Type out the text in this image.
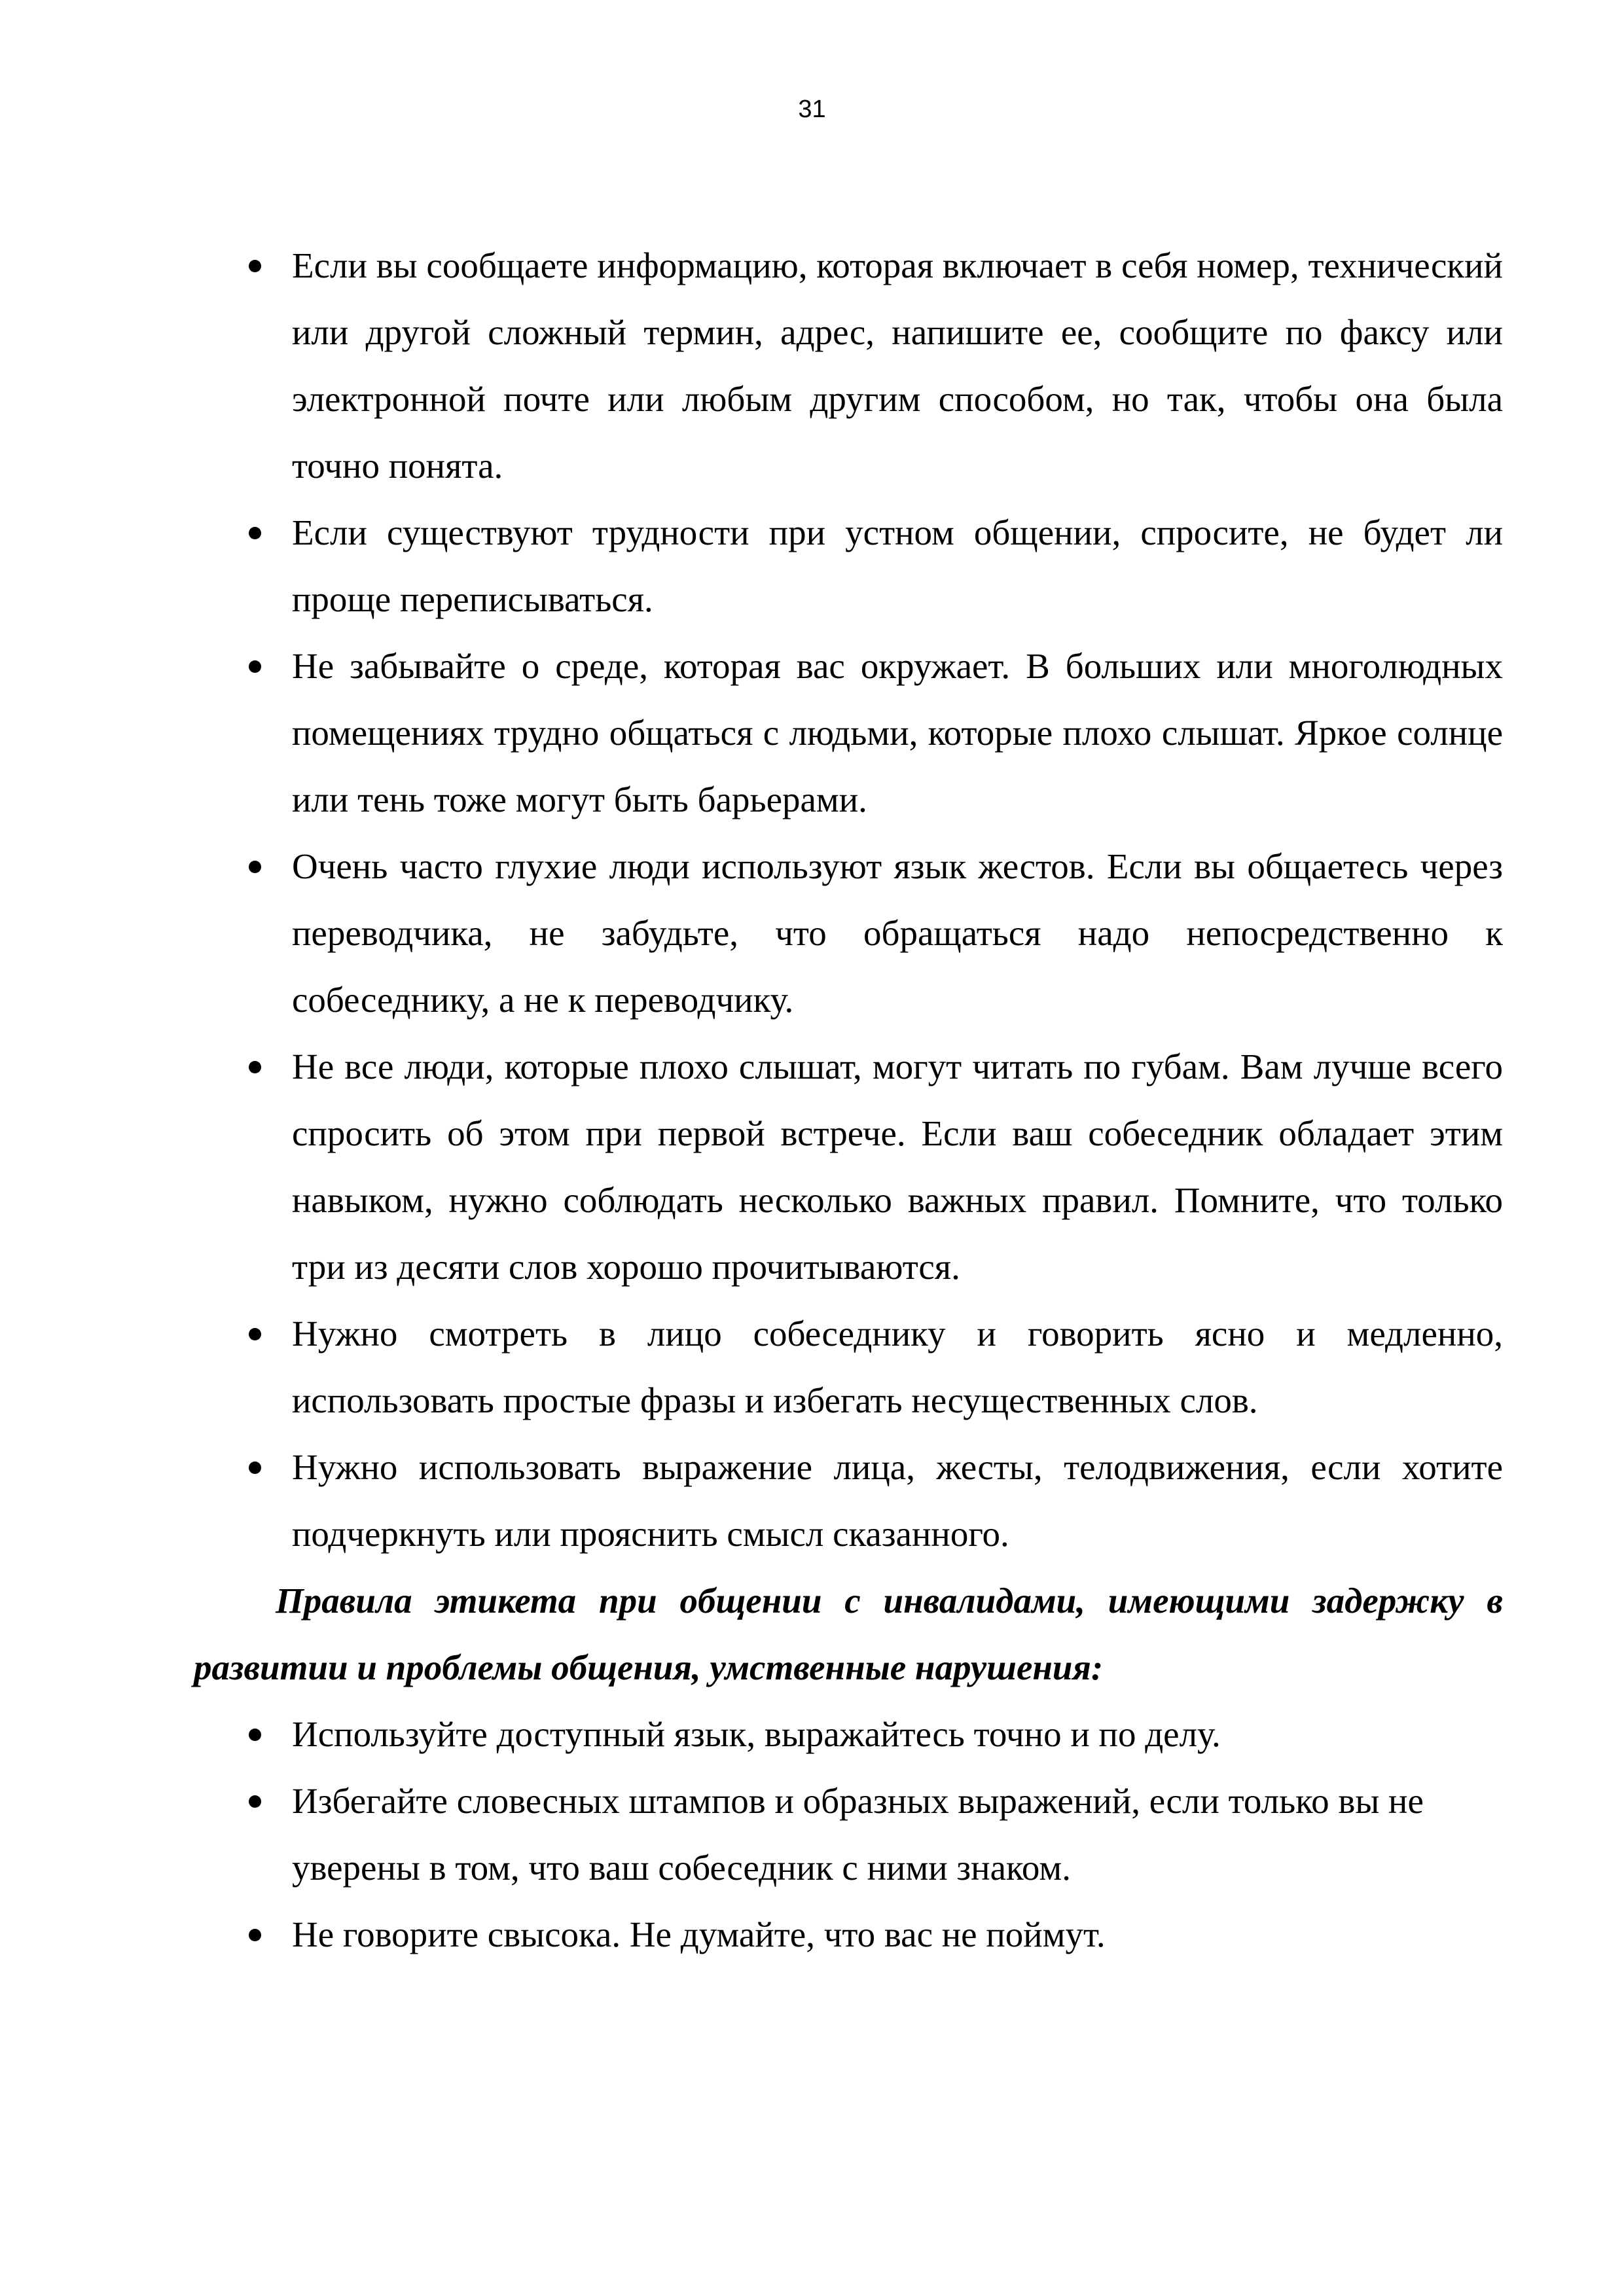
31
Если вы сообщаете информацию, которая включает в себя номер, технический или другой сложный термин, адрес, напишите ее, сообщите по факсу или электронной почте или любым другим способом, но так, чтобы она была точно понята.
Если существуют трудности при устном общении, спросите, не будет ли проще переписываться.
Не забывайте о среде, которая вас окружает. В больших или многолюдных помещениях трудно общаться с людьми, которые плохо слышат. Яркое солнце или тень тоже могут быть барьерами.
Очень часто глухие люди используют язык жестов. Если вы общаетесь через переводчика, не забудьте, что обращаться надо непосредственно к собеседнику, а не к переводчику.
Не все люди, которые плохо слышат, могут читать по губам. Вам лучше всего спросить об этом при первой встрече. Если ваш собеседник обладает этим навыком, нужно соблюдать несколько важных правил. Помните, что только три из десяти слов хорошо прочитываются.
Нужно смотреть в лицо собеседнику и говорить ясно и медленно, использовать простые фразы и избегать несущественных слов.
Нужно использовать выражение лица, жесты, телодвижения, если хотите подчеркнуть или прояснить смысл сказанного.

Правила этикета при общении с инвалидами, имеющими задержку в развитии и проблемы общения, умственные нарушения:

Используйте доступный язык, выражайтесь точно и по делу.
Избегайте словесных штампов и образных выражений, если только вы не уверены в том, что ваш собеседник с ними знаком.
Не говорите свысока. Не думайте, что вас не поймут.
